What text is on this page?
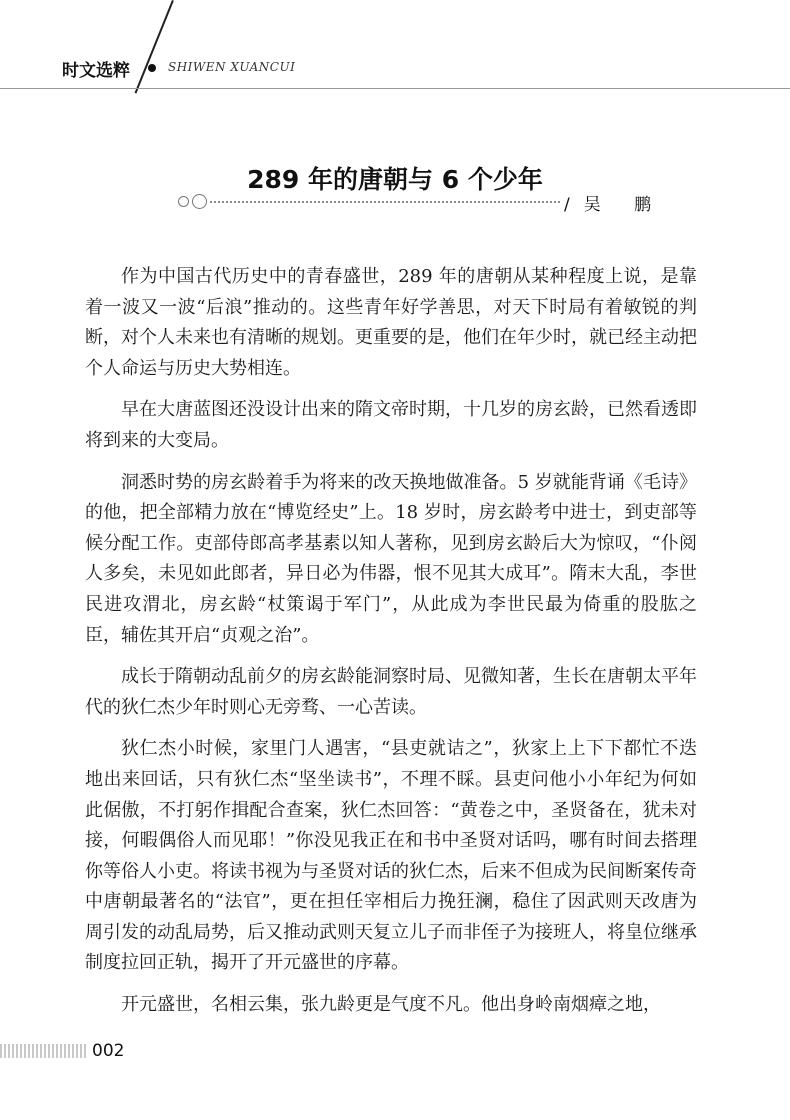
时文选粹	SHIWEN XUANCUI
289 年的唐朝与 6 个少年
/吴 鹏

作为中国古代历史中的青春盛世，289 年的唐朝从某种程度上说，是靠着一波又一波“后浪”推动的。这些青年好学善思，对天下时局有着敏锐的判断，对个人未来也有清晰的规划。更重要的是，他们在年少时，就已经主动把个人命运与历史大势相连。

早在大唐蓝图还没设计出来的隋文帝时期，十几岁的房玄龄，已然看透即将到来的大变局。

洞悉时势的房玄龄着手为将来的改天换地做准备。5 岁就能背诵《毛诗》的他，把全部精力放在“博览经史”上。18 岁时，房玄龄考中进士，到吏部等候分配工作。吏部侍郎高孝基素以知人著称，见到房玄龄后大为惊叹，“仆阅人多矣，未见如此郎者，异日必为伟器，恨不见其大成耳”。隋末大乱，李世民进攻渭北，房玄龄“杖策谒于军门”，从此成为李世民最为倚重的股肱之臣，辅佐其开启“贞观之治”。

成长于隋朝动乱前夕的房玄龄能洞察时局、见微知著，生长在唐朝太平年代的狄仁杰少年时则心无旁骛、一心苦读。

狄仁杰小时候，家里门人遇害，“县吏就诘之”，狄家上上下下都忙不迭地出来回话，只有狄仁杰“坚坐读书”，不理不睬。县吏问他小小年纪为何如此倨傲，不打躬作揖配合查案，狄仁杰回答：“黄卷之中，圣贤备在，犹未对接，何暇偶俗人而见耶！”你没见我正在和书中圣贤对话吗，哪有时间去搭理你等俗人小吏。将读书视为与圣贤对话的狄仁杰，后来不但成为民间断案传奇中唐朝最著名的“法官”，更在担任宰相后力挽狂澜，稳住了因武则天改唐为周引发的动乱局势，后又推动武则天复立儿子而非侄子为接班人，将皇位继承制度拉回正轨，揭开了开元盛世的序幕。

开元盛世，名相云集，张九龄更是气度不凡。他出身岭南烟瘴之地，

002
